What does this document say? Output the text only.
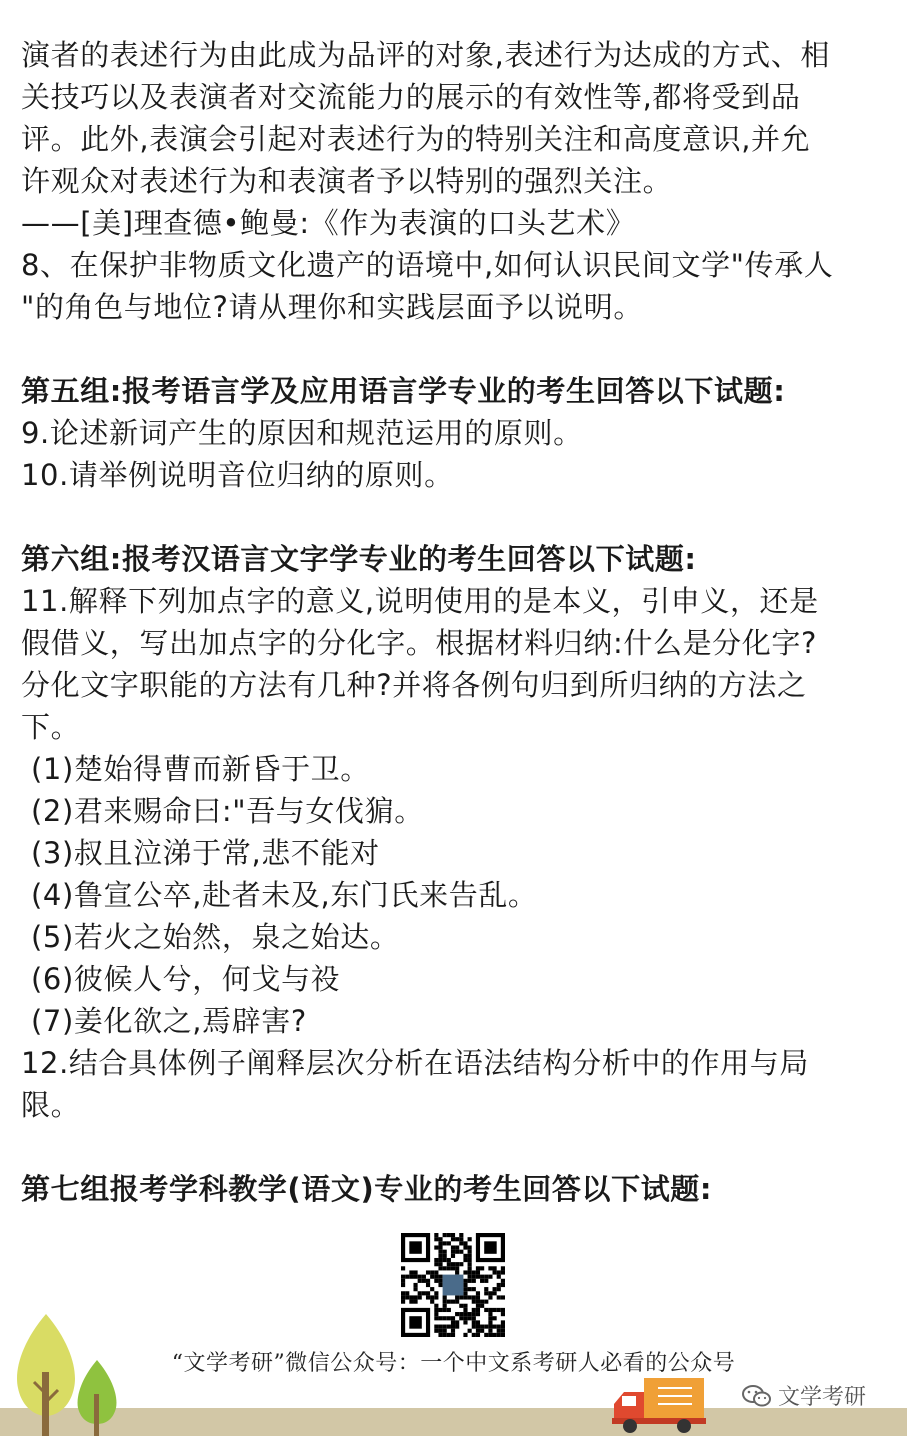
演者的表述行为由此成为品评的对象,表述行为达成的方式、相
关技巧以及表演者对交流能力的展示的有效性等,都将受到品
评。此外,表演会引起对表述行为的特别关注和高度意识,并允
许观众对表述行为和表演者予以特别的强烈关注。
——[美]理查德•鲍曼:《作为表演的口头艺术》
8、在保护非物质文化遗产的语境中,如何认识民间文学"传承人
"的角色与地位?请从理你和实践层面予以说明。
第五组:报考语言学及应用语言学专业的考生回答以下试题:
9.论述新词产生的原因和规范运用的原则。
10.请举例说明音位归纳的原则。
第六组:报考汉语言文字学专业的考生回答以下试题:
11.解释下列加点字的意义,说明使用的是本义，引申义，还是
假借义，写出加点字的分化字。根据材料归纳:什么是分化字?
分化文字职能的方法有几种?并将各例句归到所归纳的方法之
下。
(1)楚始得曹而新昏于卫。
(2)君来赐命曰:"吾与女伐猏。
(3)叔且泣涕于常,悲不能对
(4)鲁宣公卒,赴者未及,东门氏来告乱。
(5)若火之始然，泉之始达。
(6)彼候人兮，何戈与祋
(7)姜化欲之,焉辟害?
12.结合具体例子阐释层次分析在语法结构分析中的作用与局
限。
第七组报考学科教学(语文)专业的考生回答以下试题:
“文学考研”微信公众号：一个中文系考研人必看的公众号
文学考研
